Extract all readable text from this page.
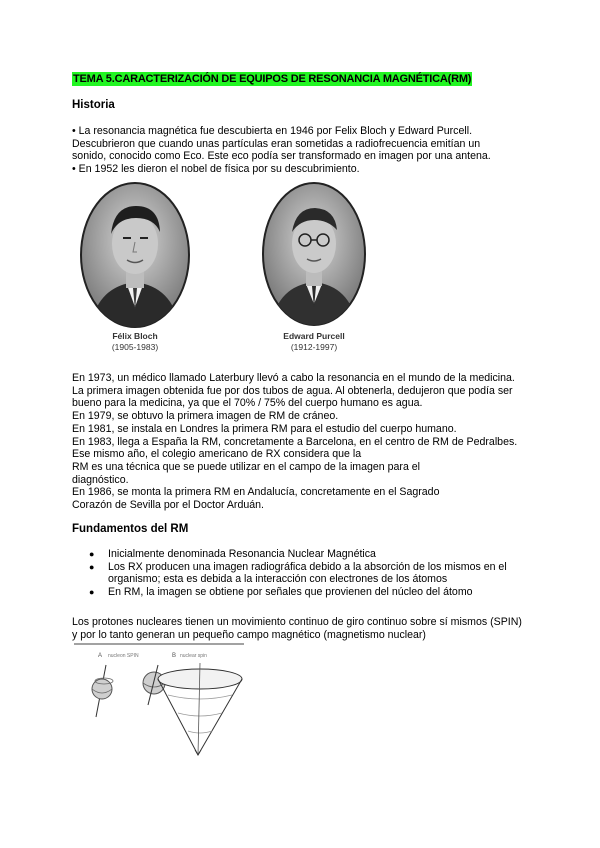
TEMA 5.CARACTERIZACIÓN DE EQUIPOS DE RESONANCIA MAGNÉTICA(RM)
Historia
• La resonancia magnética fue descubierta en 1946 por Felix Bloch y Edward Purcell.
Descubrieron que cuando unas partículas eran sometidas a radiofrecuencia emitían un
sonido, conocido como Eco. Este eco podía ser transformado en imagen por una antena.
• En 1952 les dieron el nobel de física por su descubrimiento.
Félix Bloch
(1905-1983)
Edward Purcell
(1912-1997)
En 1973, un médico llamado Laterbury llevó a cabo la resonancia en el mundo de la medicina.
La primera imagen obtenida fue por dos tubos de agua. Al obtenerla, dedujeron que podía ser
bueno para la medicina, ya que el 70% / 75% del cuerpo humano es agua.
En 1979, se obtuvo la primera imagen de RM de cráneo.
En 1981, se instala en Londres la primera RM para el estudio del cuerpo humano.
En 1983, llega a España la RM, concretamente a Barcelona, en el centro de RM de Pedralbes.
Ese mismo año, el colegio americano de RX considera que la
RM es una técnica que se puede utilizar en el campo de la imagen para el
diagnóstico.
En 1986, se monta la primera RM en Andalucía, concretamente en el Sagrado
Corazón de Sevilla por el Doctor Arduán.
Fundamentos del RM
● Inicialmente denominada Resonancia Nuclear Magnética
● Los RX producen una imagen radiográfica debido a la absorción de los mismos en el
organismo; esta es debida a la interacción con electrones de los átomos
● En RM, la imagen se obtiene por señales que provienen del núcleo del átomo
Los protones nucleares tienen un movimiento continuo de giro continuo sobre sí mismos (SPIN)
y por lo tanto generan un pequeño campo magnético (magnetismo nuclear)
A nucleon SPIN	B nuclear spin
